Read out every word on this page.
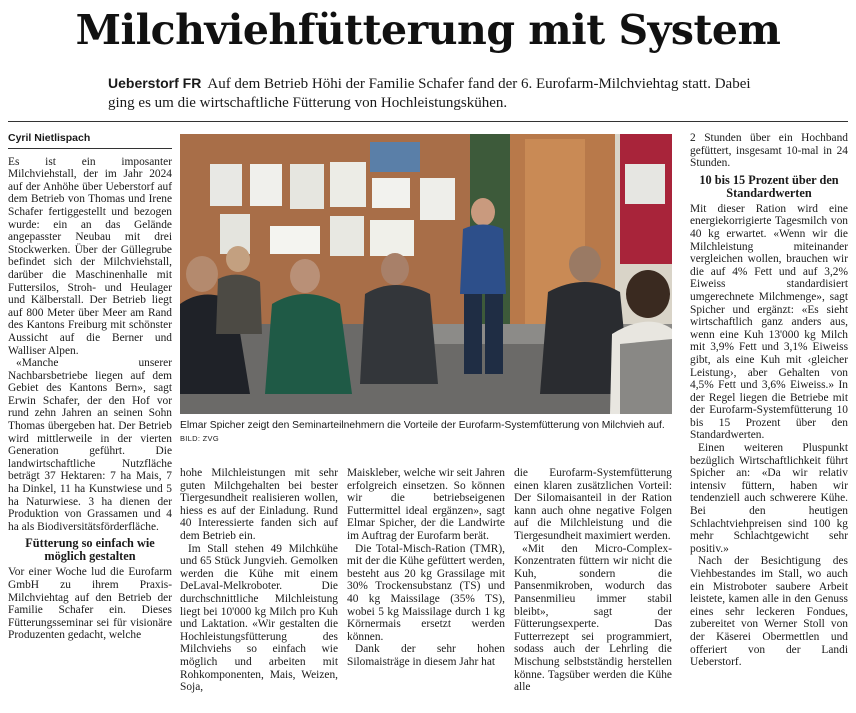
Milchviehfütterung mit System
Ueberstorf FR Auf dem Betrieb Höhi der Familie Schafer fand der 6. Eurofarm-Milchviehtag statt. Dabei ging es um die wirtschaftliche Fütterung von Hochleistungskühen.
Cyril Nietlispach

Es ist ein imposanter Milchviehstall, der im Jahr 2024 auf der Anhöhe über Ueberstorf auf dem Betrieb von Thomas und Irene Schafer fertiggestellt und bezogen wurde: ein an das Gelände angepasster Neubau mit drei Stockwerken. Über der Güllegrube befindet sich der Milchviehstall, darüber die Maschinenhalle mit Futtersilos, Stroh- und Heulager und Kälberstall. Der Betrieb liegt auf 800 Meter über Meer am Rand des Kantons Freiburg mit schönster Aussicht auf die Berner und Walliser Alpen.

«Manche unserer Nachbarsbetriebe liegen auf dem Gebiet des Kantons Bern», sagt Erwin Schafer, der den Hof vor rund zehn Jahren an seinen Sohn Thomas übergeben hat. Der Betrieb wird mittlerweile in der vierten Generation geführt. Die landwirtschaftliche Nutzfläche beträgt 37 Hektaren: 7 ha Mais, 7 ha Dinkel, 11 ha Kunstwiese und 5 ha Naturwiese. 3 ha dienen der Produktion von Grassamen und 4 ha als Biodiversitätsförderfläche.

Fütterung so einfach wie möglich gestalten

Vor einer Woche lud die Eurofarm GmbH zu ihrem Praxis-Milchviehtag auf den Betrieb der Familie Schafer ein. Dieses Fütterungsseminar sei für visionäre Produzenten gedacht, welche

Elmar Spicher zeigt den Seminarteilnehmern die Vorteile der Eurofarm-Systemfütterung von Milchvieh auf. BILD: ZVG

hohe Milchleistungen mit sehr guten Milchgehalten bei bester Tiergesundheit realisieren wollen, hiess es auf der Einladung. Rund 40 Interessierte fanden sich auf dem Betrieb ein.

Im Stall stehen 49 Milchkühe und 65 Stück Jungvieh. Gemolken werden die Kühe mit einem DeLaval-Melkroboter. Die durchschnittliche Milchleistung liegt bei 10'000 kg Milch pro Kuh und Laktation. «Wir gestalten die Hochleistungsfütterung des Milchviehs so einfach wie möglich und arbeiten mit Rohkomponenten, Mais, Weizen, Soja,

Maiskleber, welche wir seit Jahren erfolgreich einsetzen. So können wir die betriebseigenen Futtermittel ideal ergänzen», sagt Elmar Spicher, der die Landwirte im Auftrag der Eurofarm berät.

Die Total-Misch-Ration (TMR), mit der die Kühe gefüttert werden, besteht aus 20 kg Grassilage mit 30% Trockensubstanz (TS) und 40 kg Maissilage (35% TS), wobei 5 kg Maissilage durch 1 kg Körnermais ersetzt werden können.

Dank der sehr hohen Silomaisträge in diesem Jahr hat

die Eurofarm-Systemfütterung einen klaren zusätzlichen Vorteil: Der Silomaisanteil in der Ration kann auch ohne negative Folgen auf die Milchleistung und die Tiergesundheit maximiert werden.

«Mit den Micro-Complex-Konzentraten füttern wir nicht die Kuh, sondern die Pansenmikroben, wodurch das Pansenmilieu immer stabil bleibt», sagt der Fütterungsexperte. Das Futterrezept sei programmiert, sodass auch der Lehrling die Mischung selbstständig herstellen könne. Tagsüber werden die Kühe alle

2 Stunden über ein Hochband gefüttert, insgesamt 10-mal in 24 Stunden.

10 bis 15 Prozent über den Standardwerten

Mit dieser Ration wird eine energiekorrigierte Tagesmilch von 40 kg erwartet. «Wenn wir die Milchleistung miteinander vergleichen wollen, brauchen wir die auf 4% Fett und auf 3,2% Eiweiss standardisiert umgerechnete Milchmenge», sagt Spicher und ergänzt: «Es sieht wirtschaftlich ganz anders aus, wenn eine Kuh 13'000 kg Milch mit 3,9% Fett und 3,1% Eiweiss gibt, als eine Kuh mit ‹gleicher Leistung›, aber Gehalten von 4,5% Fett und 3,6% Eiweiss.» In der Regel liegen die Betriebe mit der Eurofarm-Systemfütterung 10 bis 15 Prozent über den Standardwerten.

Einen weiteren Pluspunkt bezüglich Wirtschaftlichkeit führt Spicher an: «Da wir relativ intensiv füttern, haben wir tendenziell auch schwerere Kühe. Bei den heutigen Schlachtviehpreisen sind 100 kg mehr Schlachtgewicht sehr positiv.»

Nach der Besichtigung des Viehbestandes im Stall, wo auch ein Mistroboter saubere Arbeit leistete, kamen alle in den Genuss eines sehr leckeren Fondues, zubereitet von Werner Stoll von der Käserei Obermettlen und offeriert von der Landi Ueberstorf.
